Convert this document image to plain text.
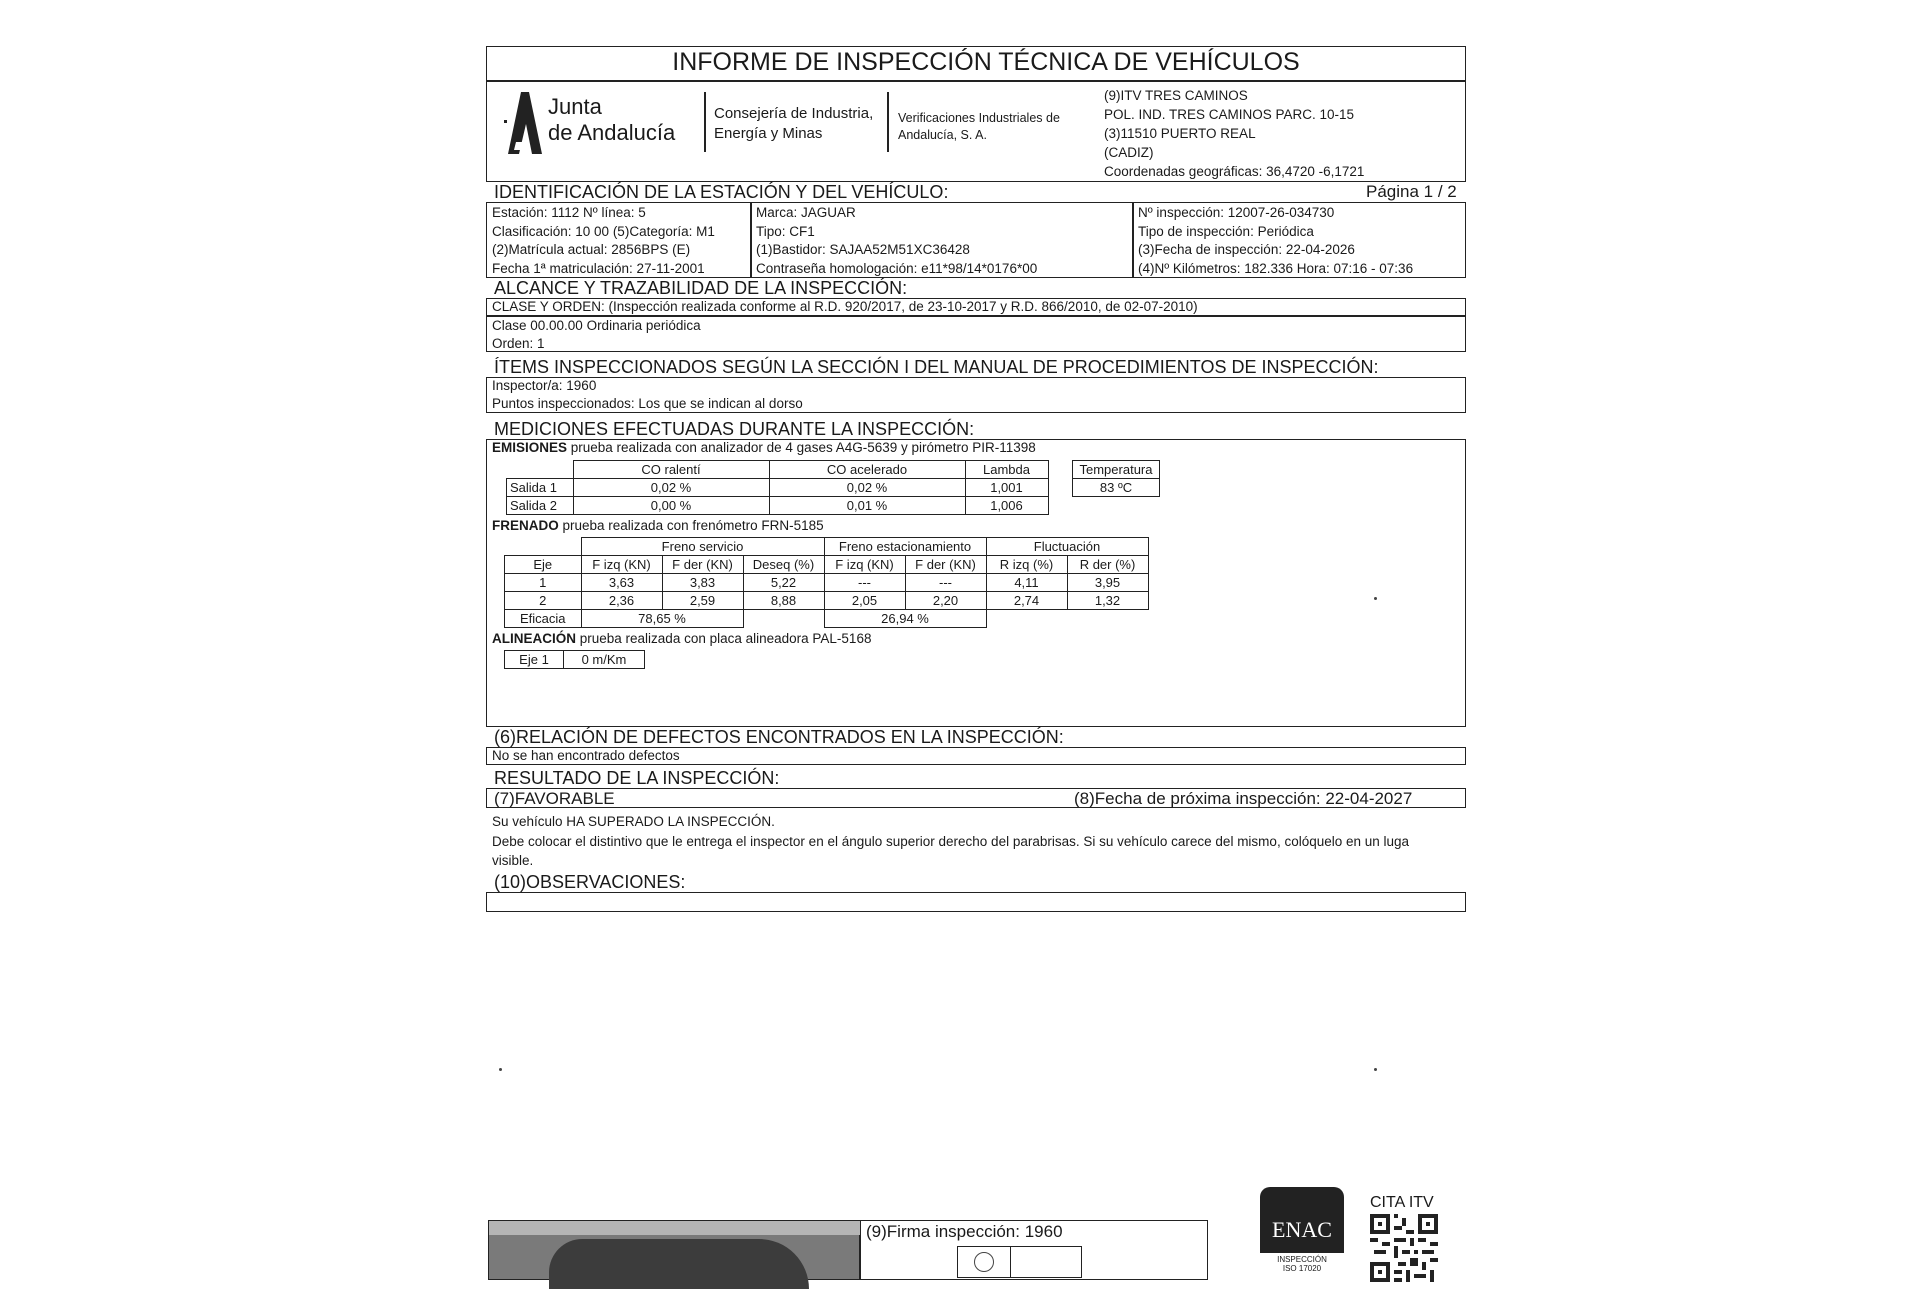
INFORME DE INSPECCIÓN TÉCNICA DE VEHÍCULOS
Junta
de Andalucía
Consejería de Industria,
Energía y Minas
Verificaciones Industriales de
Andalucía, S. A.
(9)ITV TRES CAMINOS
POL. IND. TRES CAMINOS PARC. 10-15
(3)11510 PUERTO REAL
(CADIZ)
Coordenadas geográficas: 36,4720 -6,1721
IDENTIFICACIÓN DE LA ESTACIÓN Y DEL VEHÍCULO:	Página 1 / 2
Estación: 1112 Nº línea: 5
Clasificación: 10 00 (5)Categoría: M1
(2)Matrícula actual: 2856BPS (E)
Fecha 1ª matriculación: 27-11-2001
Marca: JAGUAR
Tipo: CF1
(1)Bastidor: SAJAA52M51XC36428
Contraseña homologación: e11*98/14*0176*00
Nº inspección: 12007-26-034730
Tipo de inspección: Periódica
(3)Fecha de inspección: 22-04-2026
(4)Nº Kilómetros: 182.336 Hora: 07:16 - 07:36
ALCANCE Y TRAZABILIDAD DE LA INSPECCIÓN:
CLASE Y ORDEN: (Inspección realizada conforme al R.D. 920/2017, de 23-10-2017 y R.D. 866/2010, de 02-07-2010)
Clase 00.00.00 Ordinaria periódica
Orden: 1
ÍTEMS INSPECCIONADOS SEGÚN LA SECCIÓN I DEL MANUAL DE PROCEDIMIENTOS DE INSPECCIÓN:
Inspector/a: 1960
Puntos inspeccionados: Los que se indican al dorso
MEDICIONES EFECTUADAS DURANTE LA INSPECCIÓN:
EMISIONES prueba realizada con analizador de 4 gases A4G-5639 y pirómetro PIR-11398
	CO ralentí	CO acelerado	Lambda
Salida 1	0,02 %	0,02 %	1,001
Salida 2	0,00 %	0,01 %	1,006
Temperatura
83 ºC
FRENADO prueba realizada con frenómetro FRN-5185
	Freno servicio			Freno estacionamiento		Fluctuación	
Eje	F izq (KN)	F der (KN)	Deseq (%)	F izq (KN)	F der (KN)	R izq (%)	R der (%)
1	3,63	3,83	5,22	---	---	4,11	3,95
2	2,36	2,59	8,88	2,05	2,20	2,74	1,32
Eficacia	78,65 %			26,94 %			
ALINEACIÓN prueba realizada con placa alineadora PAL-5168
Eje 1	0 m/Km
(6)RELACIÓN DE DEFECTOS ENCONTRADOS EN LA INSPECCIÓN:
No se han encontrado defectos
RESULTADO DE LA INSPECCIÓN:
(7)FAVORABLE	(8)Fecha de próxima inspección: 22-04-2027
Su vehículo HA SUPERADO LA INSPECCIÓN.
Debe colocar el distintivo que le entrega el inspector en el ángulo superior derecho del parabrisas. Si su vehículo carece del mismo, colóquelo en un luga
visible.
(10)OBSERVACIONES:
(9)Firma inspección: 1960	ENAC
INSPECCIÓN
ISO 17020
CITA ITV
